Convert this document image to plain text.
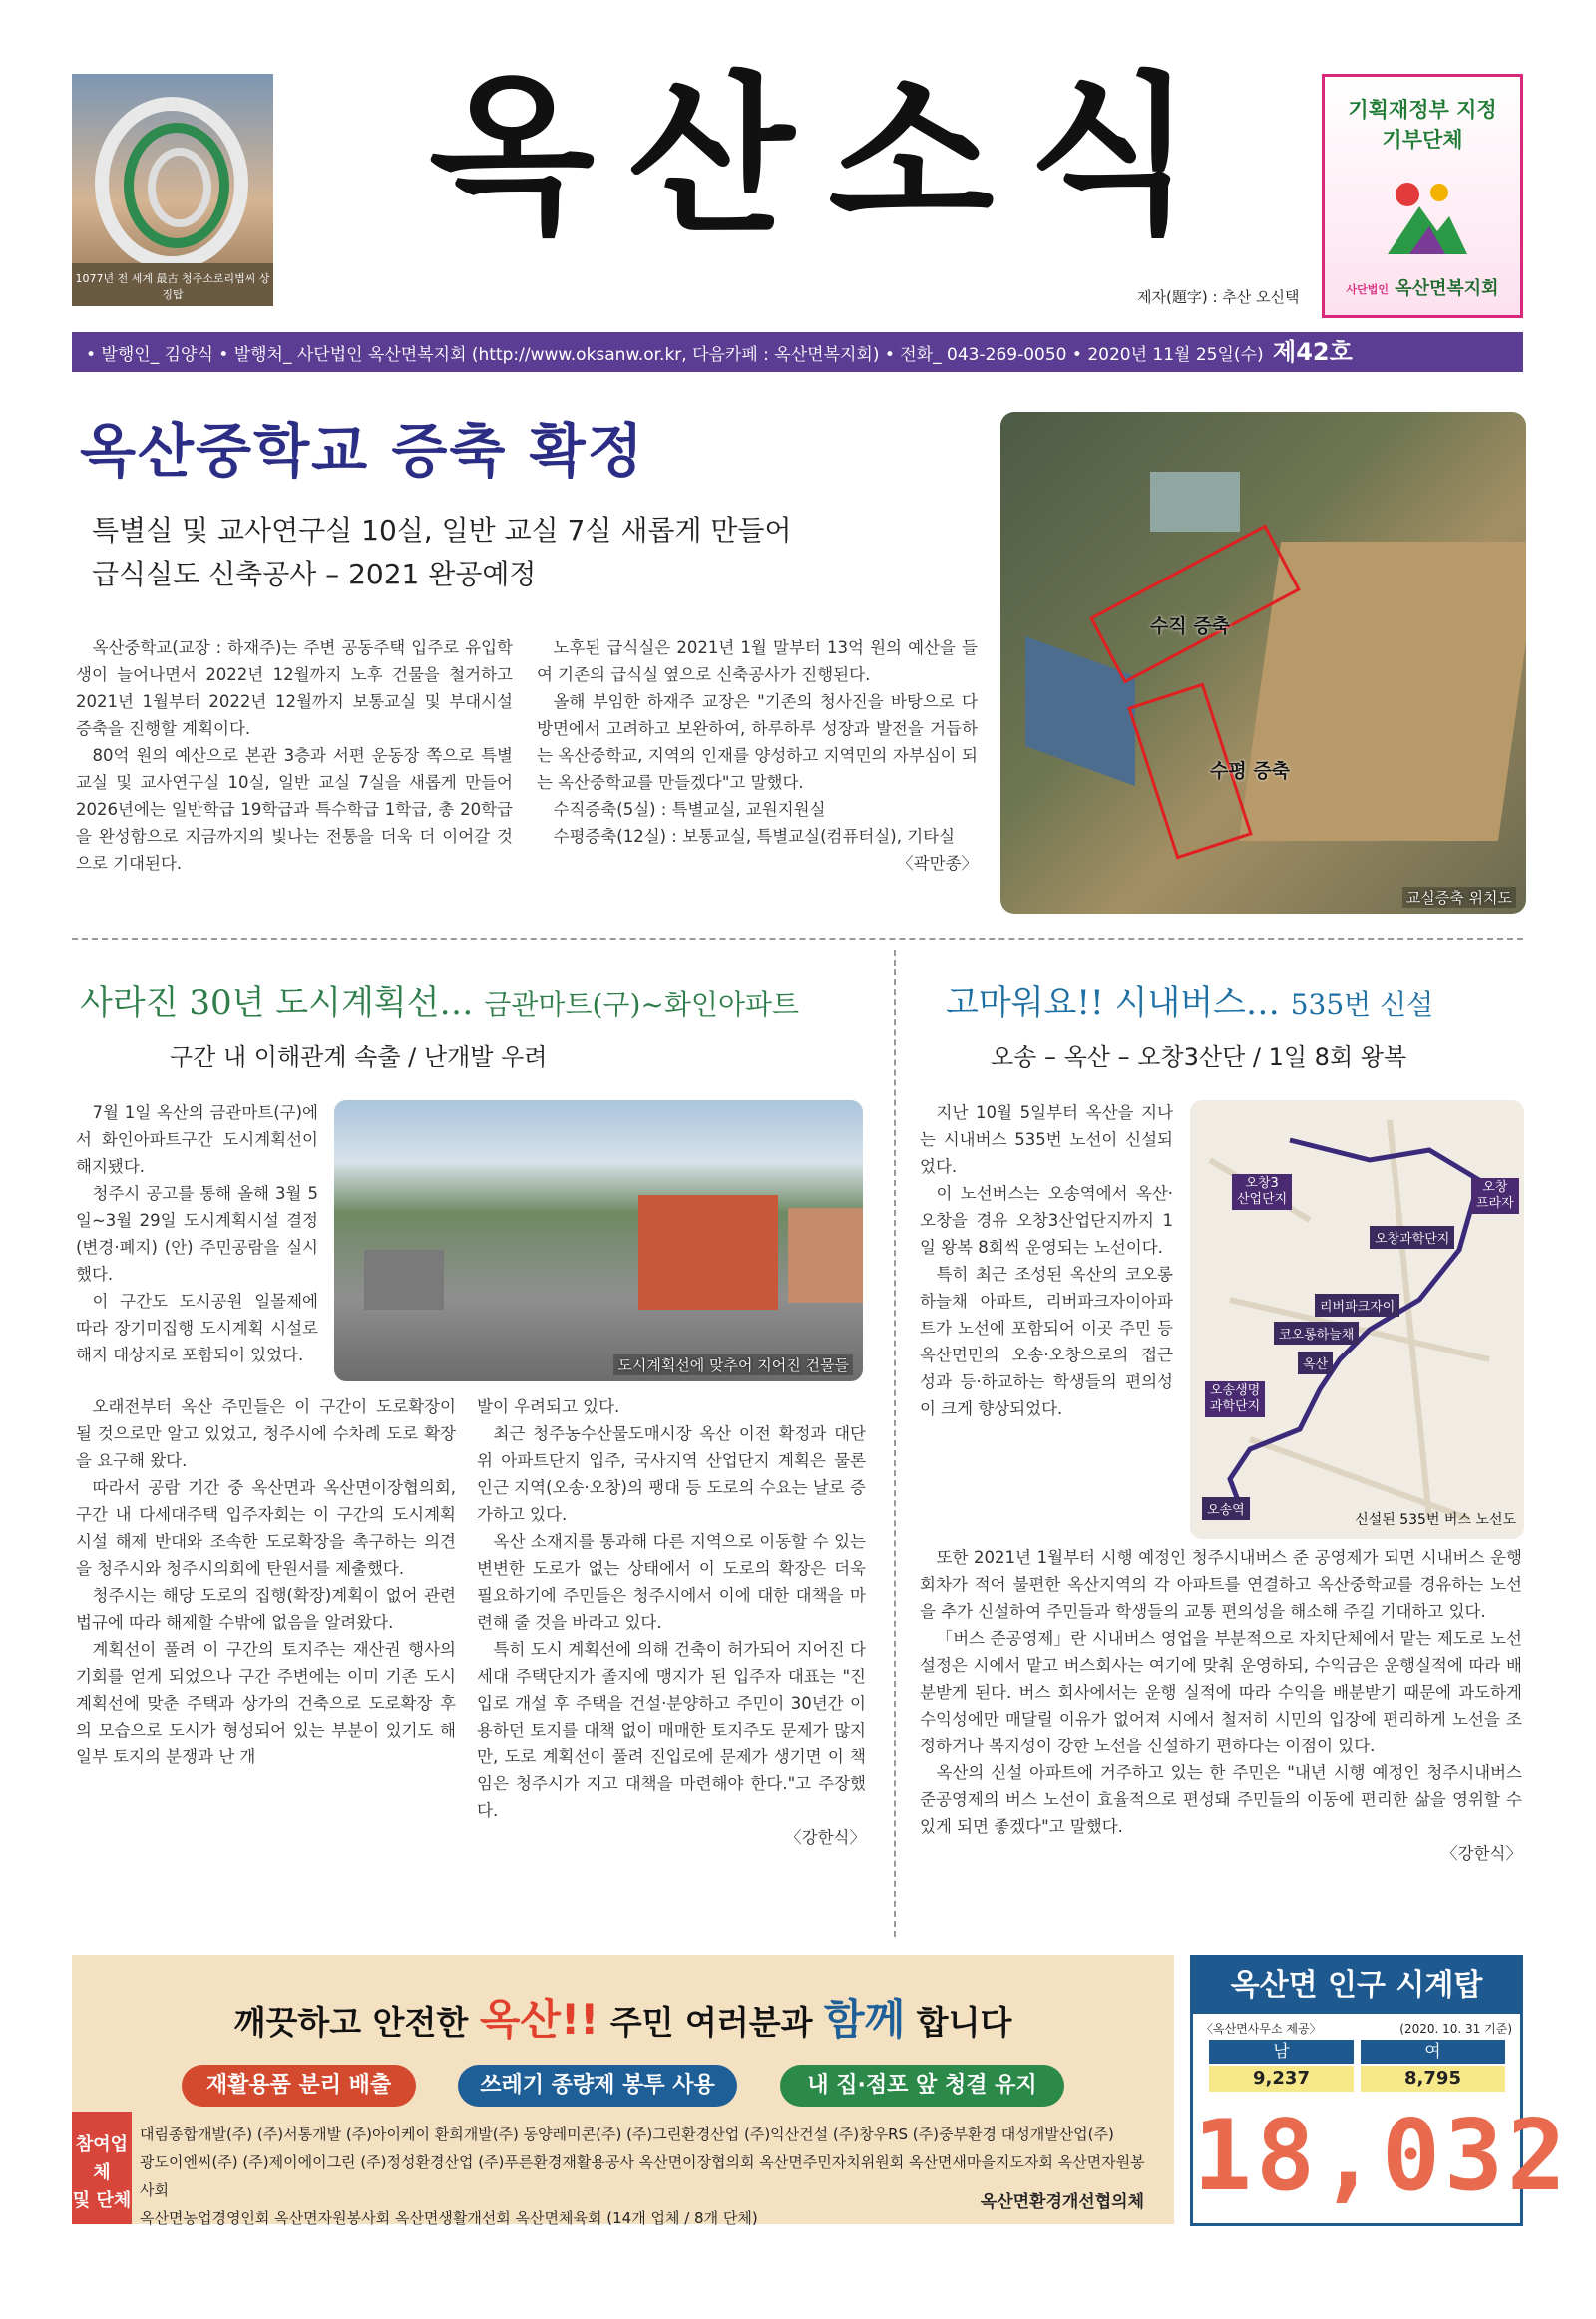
1077년 전 세계 最古 청주소로리볍씨 상징탑
옥산소식
제자(題字) : 추산 오신택
기획재정부 지정
기부단체
사단법인 옥산면복지회
• 발행인_ 김양식 • 발행처_ 사단법인 옥산면복지회 (http://www.oksanw.or.kr, 다음카페 : 옥산면복지회) • 전화_ 043-269-0050 • 2020년 11월 25일(수) 제42호
옥산중학교 증축 확정
특별실 및 교사연구실 10실, 일반 교실 7실 새롭게 만들어
급식실도 신축공사 – 2021 완공예정

옥산중학교(교장 : 하재주)는 주변 공동주택 입주로 유입학생이 늘어나면서 2022년 12월까지 노후 건물을 철거하고 2021년 1월부터 2022년 12월까지 보통교실 및 부대시설 증축을 진행할 계획이다.

80억 원의 예산으로 본관 3층과 서편 운동장 쪽으로 특별교실 및 교사연구실 10실, 일반 교실 7실을 새롭게 만들어 2026년에는 일반학급 19학급과 특수학급 1학급, 총 20학급을 완성함으로 지금까지의 빛나는 전통을 더욱 더 이어갈 것으로 기대된다.

노후된 급식실은 2021년 1월 말부터 13억 원의 예산을 들여 기존의 급식실 옆으로 신축공사가 진행된다.

올해 부임한 하재주 교장은 "기존의 청사진을 바탕으로 다방면에서 고려하고 보완하여, 하루하루 성장과 발전을 거듭하는 옥산중학교, 지역의 인재를 양성하고 지역민의 자부심이 되는 옥산중학교를 만들겠다"고 말했다.

수직증축(5실) : 특별교실, 교원지원실

수평증축(12실) : 보통교실, 특별교실(컴퓨터실), 기타실

〈곽만종〉

수직 증축
수평 증축
교실증축 위치도
사라진 30년 도시계획선… 금관마트(구)~화인아파트
구간 내 이해관계 속출 / 난개발 우려
도시계획선에 맞추어 지어진 건물들

7월 1일 옥산의 금관마트(구)에서 화인아파트구간 도시계획선이 해지됐다.

청주시 공고를 통해 올해 3월 5일~3월 29일 도시계획시설 결정(변경·폐지) (안) 주민공람을 실시했다.

이 구간도 도시공원 일몰제에 따라 장기미집행 도시계획 시설로 해지 대상지로 포함되어 있었다.

오래전부터 옥산 주민들은 이 구간이 도로확장이 될 것으로만 알고 있었고, 청주시에 수차례 도로 확장을 요구해 왔다.

따라서 공람 기간 중 옥산면과 옥산면이장협의회, 구간 내 다세대주택 입주자회는 이 구간의 도시계획시설 해제 반대와 조속한 도로확장을 촉구하는 의견을 청주시와 청주시의회에 탄원서를 제출했다.

청주시는 해당 도로의 집행(확장)계획이 없어 관련 법규에 따라 해제할 수밖에 없음을 알려왔다.

계획선이 풀려 이 구간의 토지주는 재산권 행사의 기회를 얻게 되었으나 구간 주변에는 이미 기존 도시 계획선에 맞춘 주택과 상가의 건축으로 도로확장 후의 모습으로 도시가 형성되어 있는 부분이 있기도 해 일부 토지의 분쟁과 난 개

발이 우려되고 있다.

최근 청주농수산물도매시장 옥산 이전 확정과 대단위 아파트단지 입주, 국사지역 산업단지 계획은 물론 인근 지역(오송·오창)의 팽대 등 도로의 수요는 날로 증가하고 있다.

옥산 소재지를 통과해 다른 지역으로 이동할 수 있는 변변한 도로가 없는 상태에서 이 도로의 확장은 더욱 필요하기에 주민들은 청주시에서 이에 대한 대책을 마련해 줄 것을 바라고 있다.

특히 도시 계획선에 의해 건축이 허가되어 지어진 다세대 주택단지가 졸지에 맹지가 된 입주자 대표는 "진입로 개설 후 주택을 건설·분양하고 주민이 30년간 이용하던 토지를 대책 없이 매매한 토지주도 문제가 많지만, 도로 계획선이 풀려 진입로에 문제가 생기면 이 책임은 청주시가 지고 대책을 마련해야 한다."고 주장했다.

〈강한식〉

고마워요!! 시내버스… 535번 신설
오송 – 옥산 – 오창3산단 / 1일 8회 왕복

지난 10월 5일부터 옥산을 지나는 시내버스 535번 노선이 신설되었다.

이 노선버스는 오송역에서 옥산·오창을 경유 오창3산업단지까지 1일 왕복 8회씩 운영되는 노선이다.

특히 최근 조성된 옥산의 코오롱하늘채 아파트, 리버파크자이아파트가 노선에 포함되어 이곳 주민 등 옥산면민의 오송·오창으로의 접근성과 등·하교하는 학생들의 편의성이 크게 향상되었다.

또한 2021년 1월부터 시행 예정인 청주시내버스 준 공영제가 되면 시내버스 운행 회차가 적어 불편한 옥산지역의 각 아파트를 연결하고 옥산중학교를 경유하는 노선을 추가 신설하여 주민들과 학생들의 교통 편의성을 해소해 주길 기대하고 있다.

「버스 준공영제」란 시내버스 영업을 부분적으로 자치단체에서 맡는 제도로 노선 설정은 시에서 맡고 버스회사는 여기에 맞춰 운영하되, 수익금은 운행실적에 따라 배분받게 된다. 버스 회사에서는 운행 실적에 따라 수익을 배분받기 때문에 과도하게 수익성에만 매달릴 이유가 없어져 시에서 철저히 시민의 입장에 편리하게 노선을 조정하거나 복지성이 강한 노선을 신설하기 편하다는 이점이 있다.

옥산의 신설 아파트에 거주하고 있는 한 주민은 "내년 시행 예정인 청주시내버스 준공영제의 버스 노선이 효율적으로 편성돼 주민들의 이동에 편리한 삶을 영위할 수 있게 되면 좋겠다"고 말했다.

〈강한식〉

오창3
산업단지
오창
프라자
오창과학단지
리버파크자이
코오롱하늘채
옥산
오송생명
과학단지
오송역
신설된 535번 버스 노선도
깨끗하고 안전한 옥산!! 주민 여러분과 함께 합니다
재활용품 분리 배출	쓰레기 종량제 봉투 사용	내 집·점포 앞 청결 유지
참여업체
및 단체
대림종합개발(주) (주)서통개발 (주)아이케이 환희개발(주) 동양레미콘(주) (주)그린환경산업 (주)익산건설 (주)창우RS (주)중부환경 대성개발산업(주)
광도이엔씨(주) (주)제이에이그린 (주)정성환경산업 (주)푸른환경재활용공사 옥산면이장협의회 옥산면주민자치위원회 옥산면새마을지도자회 옥산면자원봉사회
옥산면농업경영인회 옥산면자원봉사회 옥산면생활개선회 옥산면체육회 (14개 업체 / 8개 단체)
옥산면환경개선협의체
옥산면 인구 시계탑
〈옥산면사무소 제공〉	(2020. 10. 31 기준)
남	여
9,237	8,795
18,032
